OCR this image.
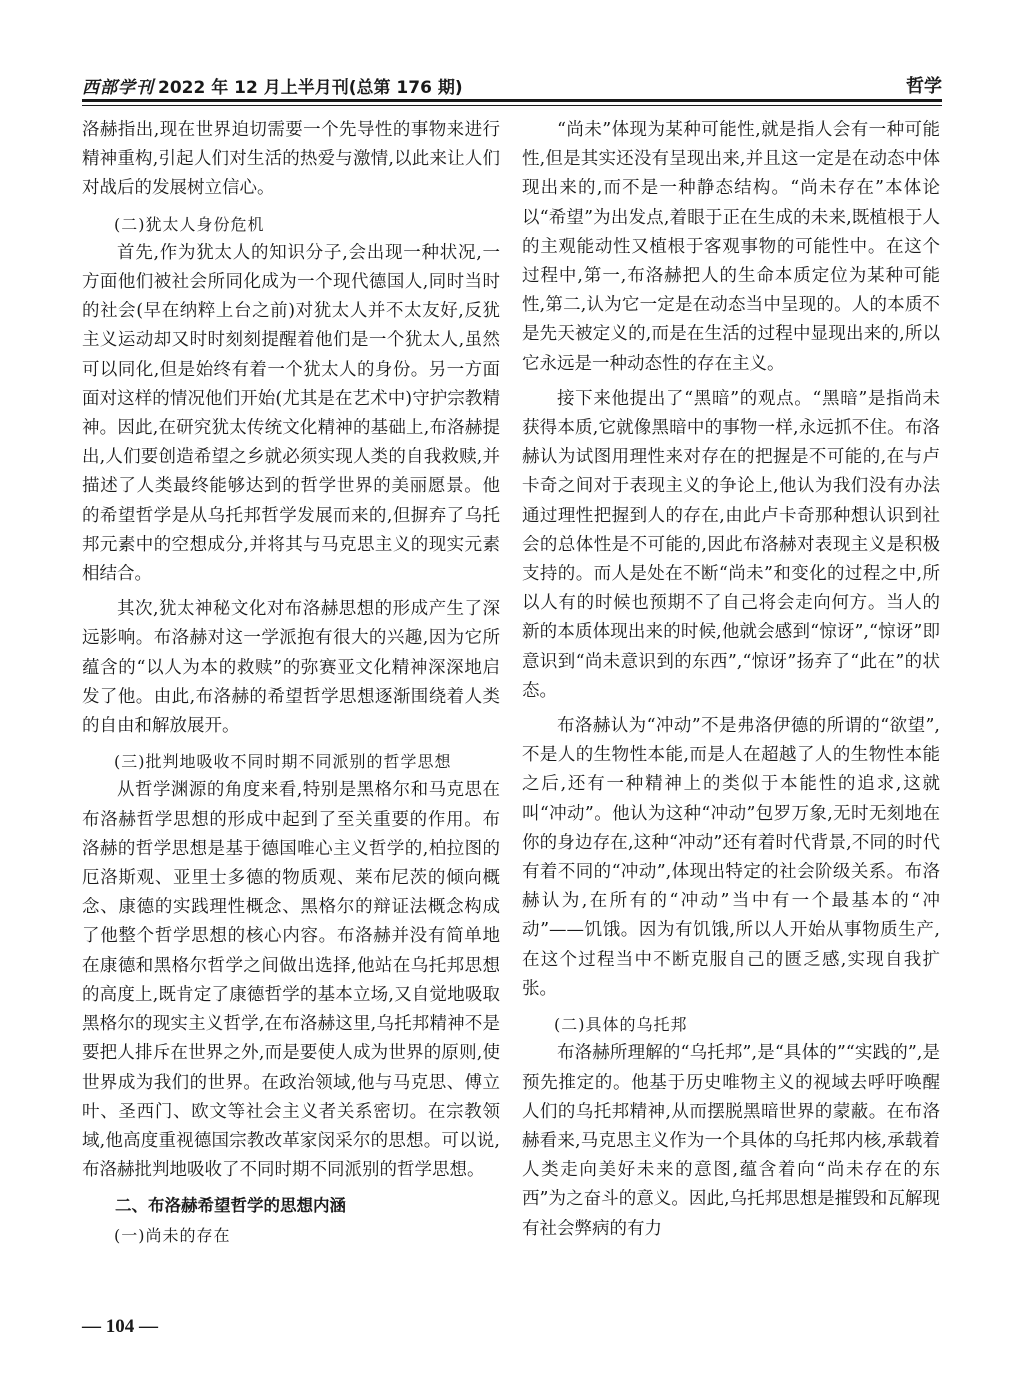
西部学刊 2022 年 12 月上半月刊(总第 176 期)	哲学

洛赫指出,现在世界迫切需要一个先导性的事物来进行精神重构,引起人们对生活的热爱与激情,以此来让人们对战后的发展树立信心。

(二)犹太人身份危机

首先,作为犹太人的知识分子,会出现一种状况,一方面他们被社会所同化成为一个现代德国人,同时当时的社会(早在纳粹上台之前)对犹太人并不太友好,反犹主义运动却又时时刻刻提醒着他们是一个犹太人,虽然可以同化,但是始终有着一个犹太人的身份。另一方面面对这样的情况他们开始(尤其是在艺术中)守护宗教精神。因此,在研究犹太传统文化精神的基础上,布洛赫提出,人们要创造希望之乡就必须实现人类的自我救赎,并描述了人类最终能够达到的哲学世界的美丽愿景。他的希望哲学是从乌托邦哲学发展而来的,但摒弃了乌托邦元素中的空想成分,并将其与马克思主义的现实元素相结合。

其次,犹太神秘文化对布洛赫思想的形成产生了深远影响。布洛赫对这一学派抱有很大的兴趣,因为它所蕴含的“以人为本的救赎”的弥赛亚文化精神深深地启发了他。由此,布洛赫的希望哲学思想逐渐围绕着人类的自由和解放展开。

(三)批判地吸收不同时期不同派别的哲学思想

从哲学渊源的角度来看,特别是黑格尔和马克思在布洛赫哲学思想的形成中起到了至关重要的作用。布洛赫的哲学思想是基于德国唯心主义哲学的,柏拉图的厄洛斯观、亚里士多德的物质观、莱布尼茨的倾向概念、康德的实践理性概念、黑格尔的辩证法概念构成了他整个哲学思想的核心内容。布洛赫并没有简单地在康德和黑格尔哲学之间做出选择,他站在乌托邦思想的高度上,既肯定了康德哲学的基本立场,又自觉地吸取黑格尔的现实主义哲学,在布洛赫这里,乌托邦精神不是要把人排斥在世界之外,而是要使人成为世界的原则,使世界成为我们的世界。在政治领域,他与马克思、傅立叶、圣西门、欧文等社会主义者关系密切。在宗教领域,他高度重视德国宗教改革家闵采尔的思想。可以说,布洛赫批判地吸收了不同时期不同派别的哲学思想。

二、布洛赫希望哲学的思想内涵

(一)尚未的存在

“尚未”体现为某种可能性,就是指人会有一种可能性,但是其实还没有呈现出来,并且这一定是在动态中体现出来的,而不是一种静态结构。“尚未存在”本体论以“希望”为出发点,着眼于正在生成的未来,既植根于人的主观能动性又植根于客观事物的可能性中。在这个过程中,第一,布洛赫把人的生命本质定位为某种可能性,第二,认为它一定是在动态当中呈现的。人的本质不是先天被定义的,而是在生活的过程中显现出来的,所以它永远是一种动态性的存在主义。

接下来他提出了“黑暗”的观点。“黑暗”是指尚未获得本质,它就像黑暗中的事物一样,永远抓不住。布洛赫认为试图用理性来对存在的把握是不可能的,在与卢卡奇之间对于表现主义的争论上,他认为我们没有办法通过理性把握到人的存在,由此卢卡奇那种想认识到社会的总体性是不可能的,因此布洛赫对表现主义是积极支持的。而人是处在不断“尚未”和变化的过程之中,所以人有的时候也预期不了自己将会走向何方。当人的新的本质体现出来的时候,他就会感到“惊讶”,“惊讶”即意识到“尚未意识到的东西”,“惊讶”扬弃了“此在”的状态。

布洛赫认为“冲动”不是弗洛伊德的所谓的“欲望”,不是人的生物性本能,而是人在超越了人的生物性本能之后,还有一种精神上的类似于本能性的追求,这就叫“冲动”。他认为这种“冲动”包罗万象,无时无刻地在你的身边存在,这种“冲动”还有着时代背景,不同的时代有着不同的“冲动”,体现出特定的社会阶级关系。布洛赫认为,在所有的“冲动”当中有一个最基本的“冲动”——饥饿。因为有饥饿,所以人开始从事物质生产,在这个过程当中不断克服自己的匮乏感,实现自我扩张。

(二)具体的乌托邦

布洛赫所理解的“乌托邦”,是“具体的”“实践的”,是预先推定的。他基于历史唯物主义的视域去呼吁唤醒人们的乌托邦精神,从而摆脱黑暗世界的蒙蔽。在布洛赫看来,马克思主义作为一个具体的乌托邦内核,承载着人类走向美好未来的意图,蕴含着向“尚未存在的东西”为之奋斗的意义。因此,乌托邦思想是摧毁和瓦解现有社会弊病的有力

— 104 —
